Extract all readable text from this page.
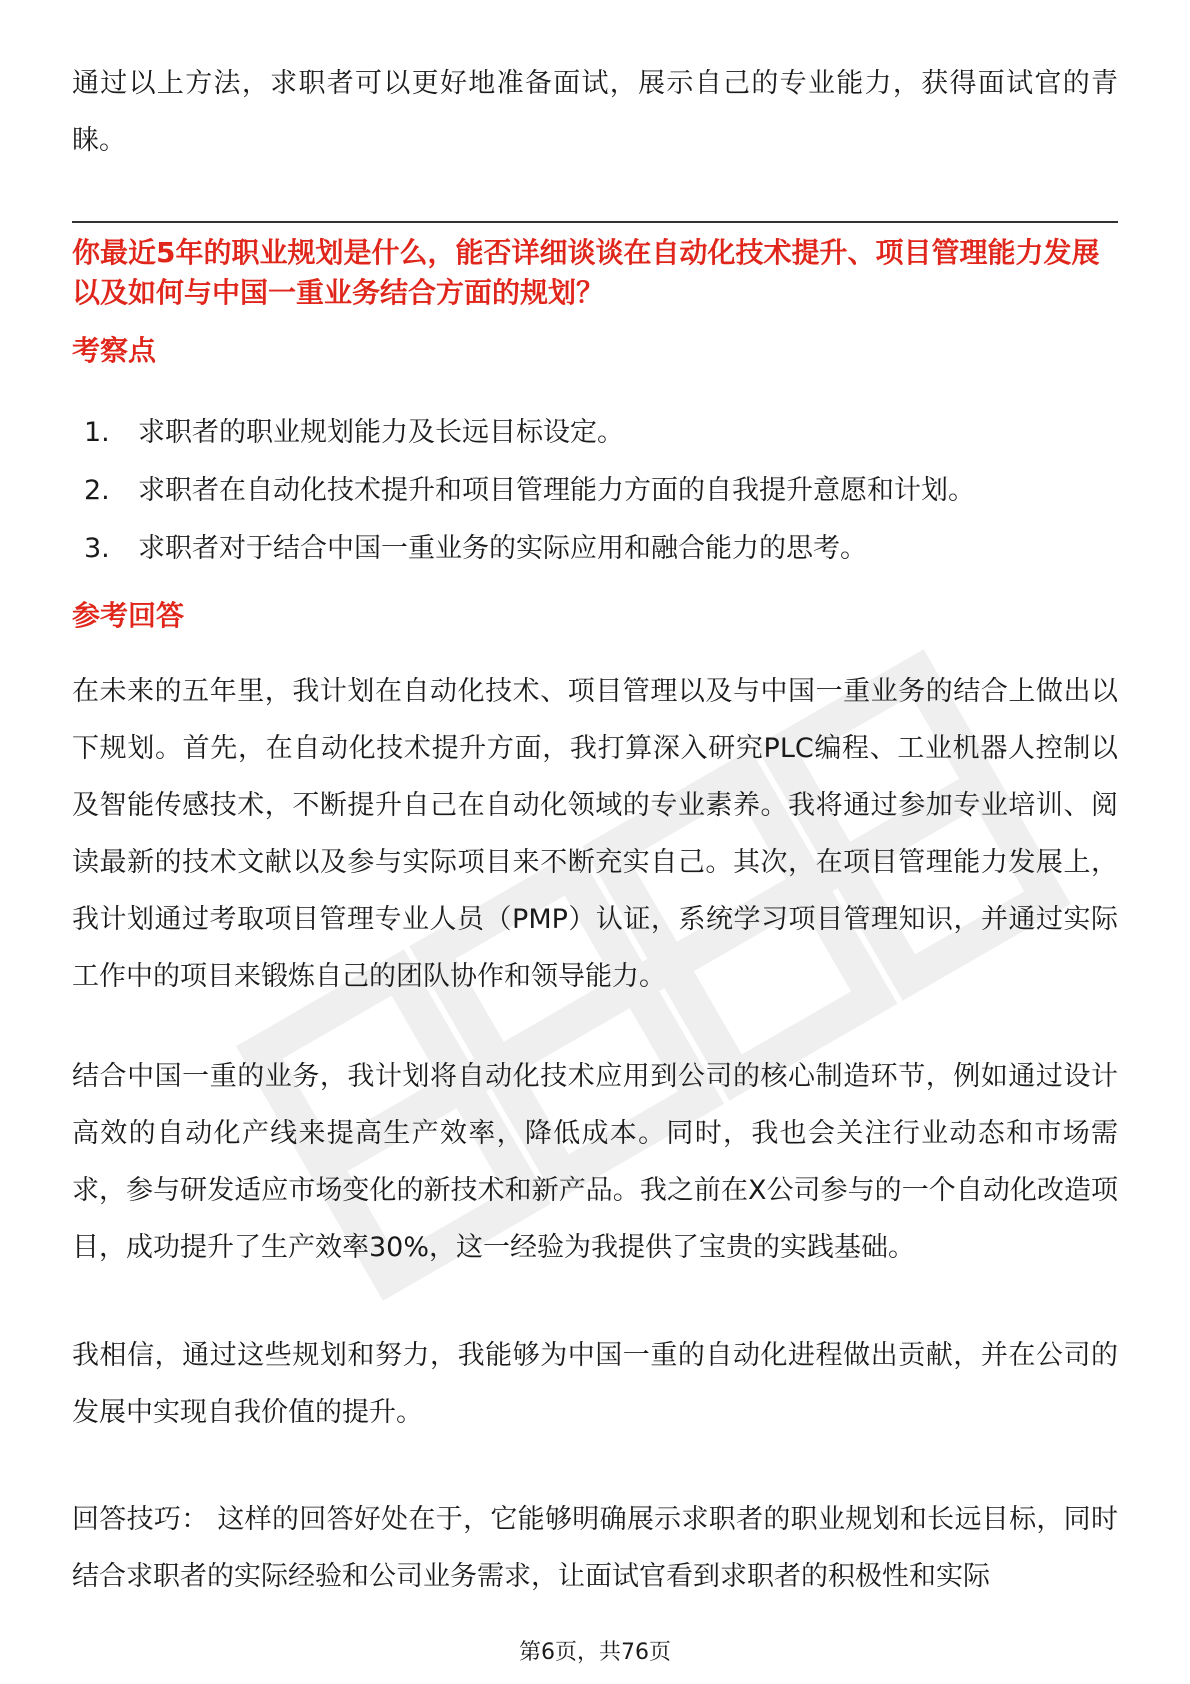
通过以上方法，求职者可以更好地准备面试，展示自己的专业能力，获得面试官的青睐。

你最近5年的职业规划是什么，能否详细谈谈在自动化技术提升、项目管理能力发展以及如何与中国一重业务结合方面的规划？
考察点
1.	求职者的职业规划能力及长远目标设定。
2.	求职者在自动化技术提升和项目管理能力方面的自我提升意愿和计划。
3.	求职者对于结合中国一重业务的实际应用和融合能力的思考。
参考回答

在未来的五年里，我计划在自动化技术、项目管理以及与中国一重业务的结合上做出以下规划。首先，在自动化技术提升方面，我打算深入研究PLC编程、工业机器人控制以及智能传感技术，不断提升自己在自动化领域的专业素养。我将通过参加专业培训、阅读最新的技术文献以及参与实际项目来不断充实自己。其次，在项目管理能力发展上，我计划通过考取项目管理专业人员（PMP）认证，系统学习项目管理知识，并通过实际工作中的项目来锻炼自己的团队协作和领导能力。

结合中国一重的业务，我计划将自动化技术应用到公司的核心制造环节，例如通过设计高效的自动化产线来提高生产效率，降低成本。同时，我也会关注行业动态和市场需求，参与研发适应市场变化的新技术和新产品。我之前在X公司参与的一个自动化改造项目，成功提升了生产效率30%，这一经验为我提供了宝贵的实践基础。

我相信，通过这些规划和努力，我能够为中国一重的自动化进程做出贡献，并在公司的发展中实现自我价值的提升。

回答技巧： 这样的回答好处在于，它能够明确展示求职者的职业规划和长远目标，同时结合求职者的实际经验和公司业务需求，让面试官看到求职者的积极性和实际

第6页，共76页
